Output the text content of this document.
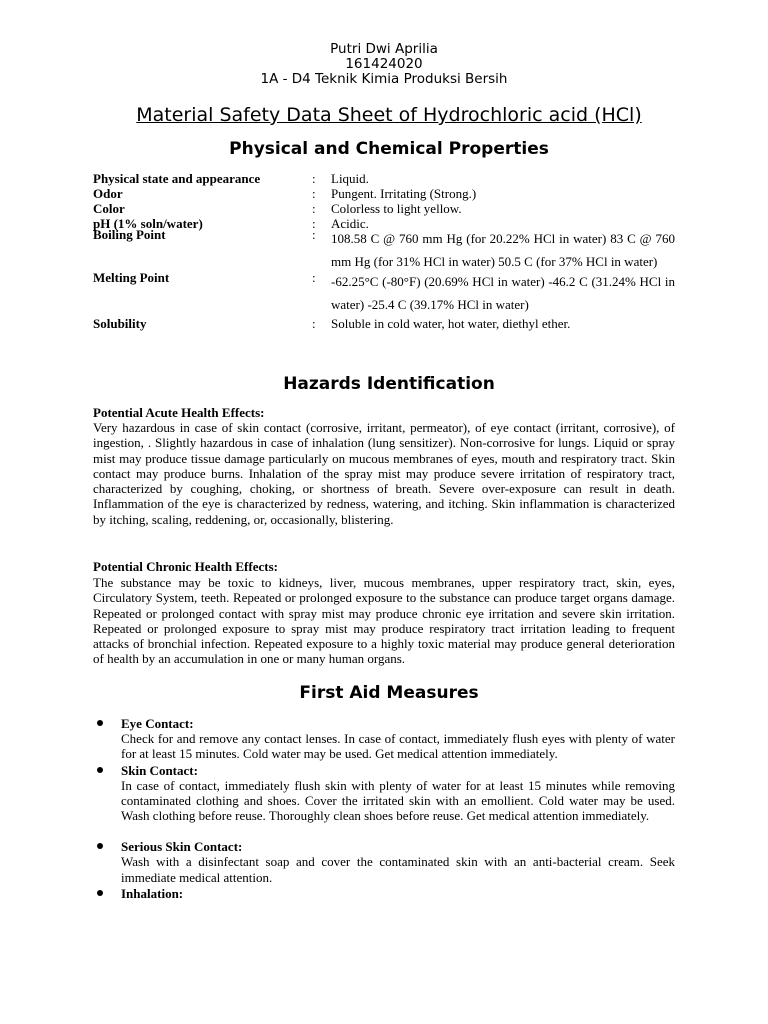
Putri Dwi Aprilia
161424020
1A - D4 Teknik Kimia Produksi Bersih
Material Safety Data Sheet of Hydrochloric acid (HCl)
Physical and Chemical Properties
Physical state and appearance	: Liquid.
Odor	: Pungent. Irritating (Strong.)
Color	: Colorless to light yellow.
pH (1% soln/water)	: Acidic.
Boiling Point	: 108.58 C @ 760 mm Hg (for 20.22% HCl in water) 83 C @ 760 mm Hg (for 31% HCl in water) 50.5 C (for 37% HCl in water)
Melting Point	: -62.25°C (-80°F) (20.69% HCl in water) -46.2 C (31.24% HCl in water) -25.4 C (39.17% HCl in water)
Solubility	: Soluble in cold water, hot water, diethyl ether.
Hazards Identification
Potential Acute Health Effects:
Very hazardous in case of skin contact (corrosive, irritant, permeator), of eye contact (irritant, corrosive), of ingestion, . Slightly hazardous in case of inhalation (lung sensitizer). Non-corrosive for lungs. Liquid or spray mist may produce tissue damage particularly on mucous membranes of eyes, mouth and respiratory tract. Skin contact may produce burns. Inhalation of the spray mist may produce severe irritation of respiratory tract, characterized by coughing, choking, or shortness of breath. Severe over-exposure can result in death. Inflammation of the eye is characterized by redness, watering, and itching. Skin inflammation is characterized by itching, scaling, reddening, or, occasionally, blistering.
Potential Chronic Health Effects:
The substance may be toxic to kidneys, liver, mucous membranes, upper respiratory tract, skin, eyes, Circulatory System, teeth. Repeated or prolonged exposure to the substance can produce target organs damage. Repeated or prolonged contact with spray mist may produce chronic eye irritation and severe skin irritation. Repeated or prolonged exposure to spray mist may produce respiratory tract irritation leading to frequent attacks of bronchial infection. Repeated exposure to a highly toxic material may produce general deterioration of health by an accumulation in one or many human organs.
First Aid Measures
Eye Contact:
Check for and remove any contact lenses. In case of contact, immediately flush eyes with plenty of water for at least 15 minutes. Cold water may be used. Get medical attention immediately.
Skin Contact:
In case of contact, immediately flush skin with plenty of water for at least 15 minutes while removing contaminated clothing and shoes. Cover the irritated skin with an emollient. Cold water may be used. Wash clothing before reuse. Thoroughly clean shoes before reuse. Get medical attention immediately.
Serious Skin Contact:
Wash with a disinfectant soap and cover the contaminated skin with an anti-bacterial cream. Seek immediate medical attention.
Inhalation:
